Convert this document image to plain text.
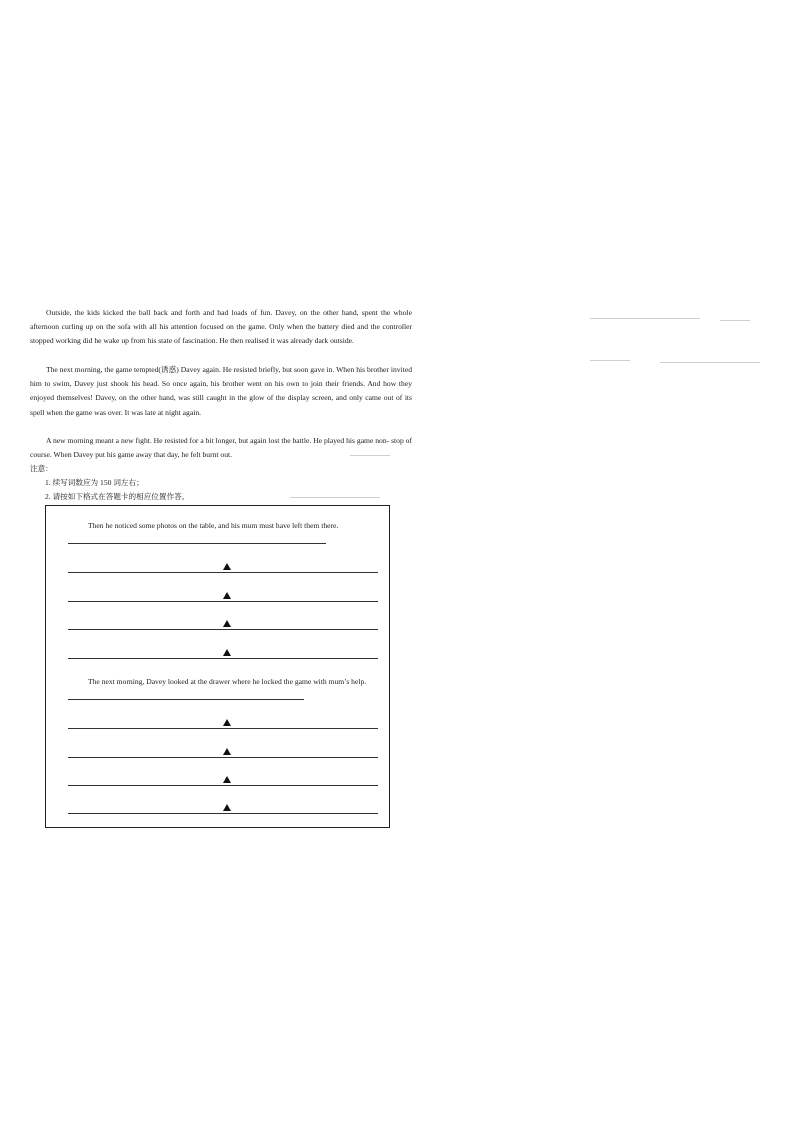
Outside, the kids kicked the ball back and forth and had loads of fun. Davey, on the other hand, spent the whole afternoon curling up on the sofa with all his attention focused on the game. Only when the battery died and the controller stopped working did he wake up from his state of fascination. He then realised it was already dark outside.

The next morning, the game tempted(诱惑) Davey again. He resisted briefly, but soon gave in. When his brother invited him to swim, Davey just shook his head. So once again, his brother went on his own to join their friends. And how they enjoyed themselves! Davey, on the other hand, was still caught in the glow of the display screen, and only came out of its spell when the game was over. It was late at night again.

A new morning meant a new fight. He resisted for a bit longer, but again lost the battle. He played his game non- stop of course. When Davey put his game away that day, he felt burnt out.

注意：
1. 续写词数应为 150 词左右；
2. 请按如下格式在答题卡的相应位置作答。

Then he noticed some photos on the table, and his mum must have left them there.

The next morning, Davey looked at the drawer where he locked the game with mum’s help.
